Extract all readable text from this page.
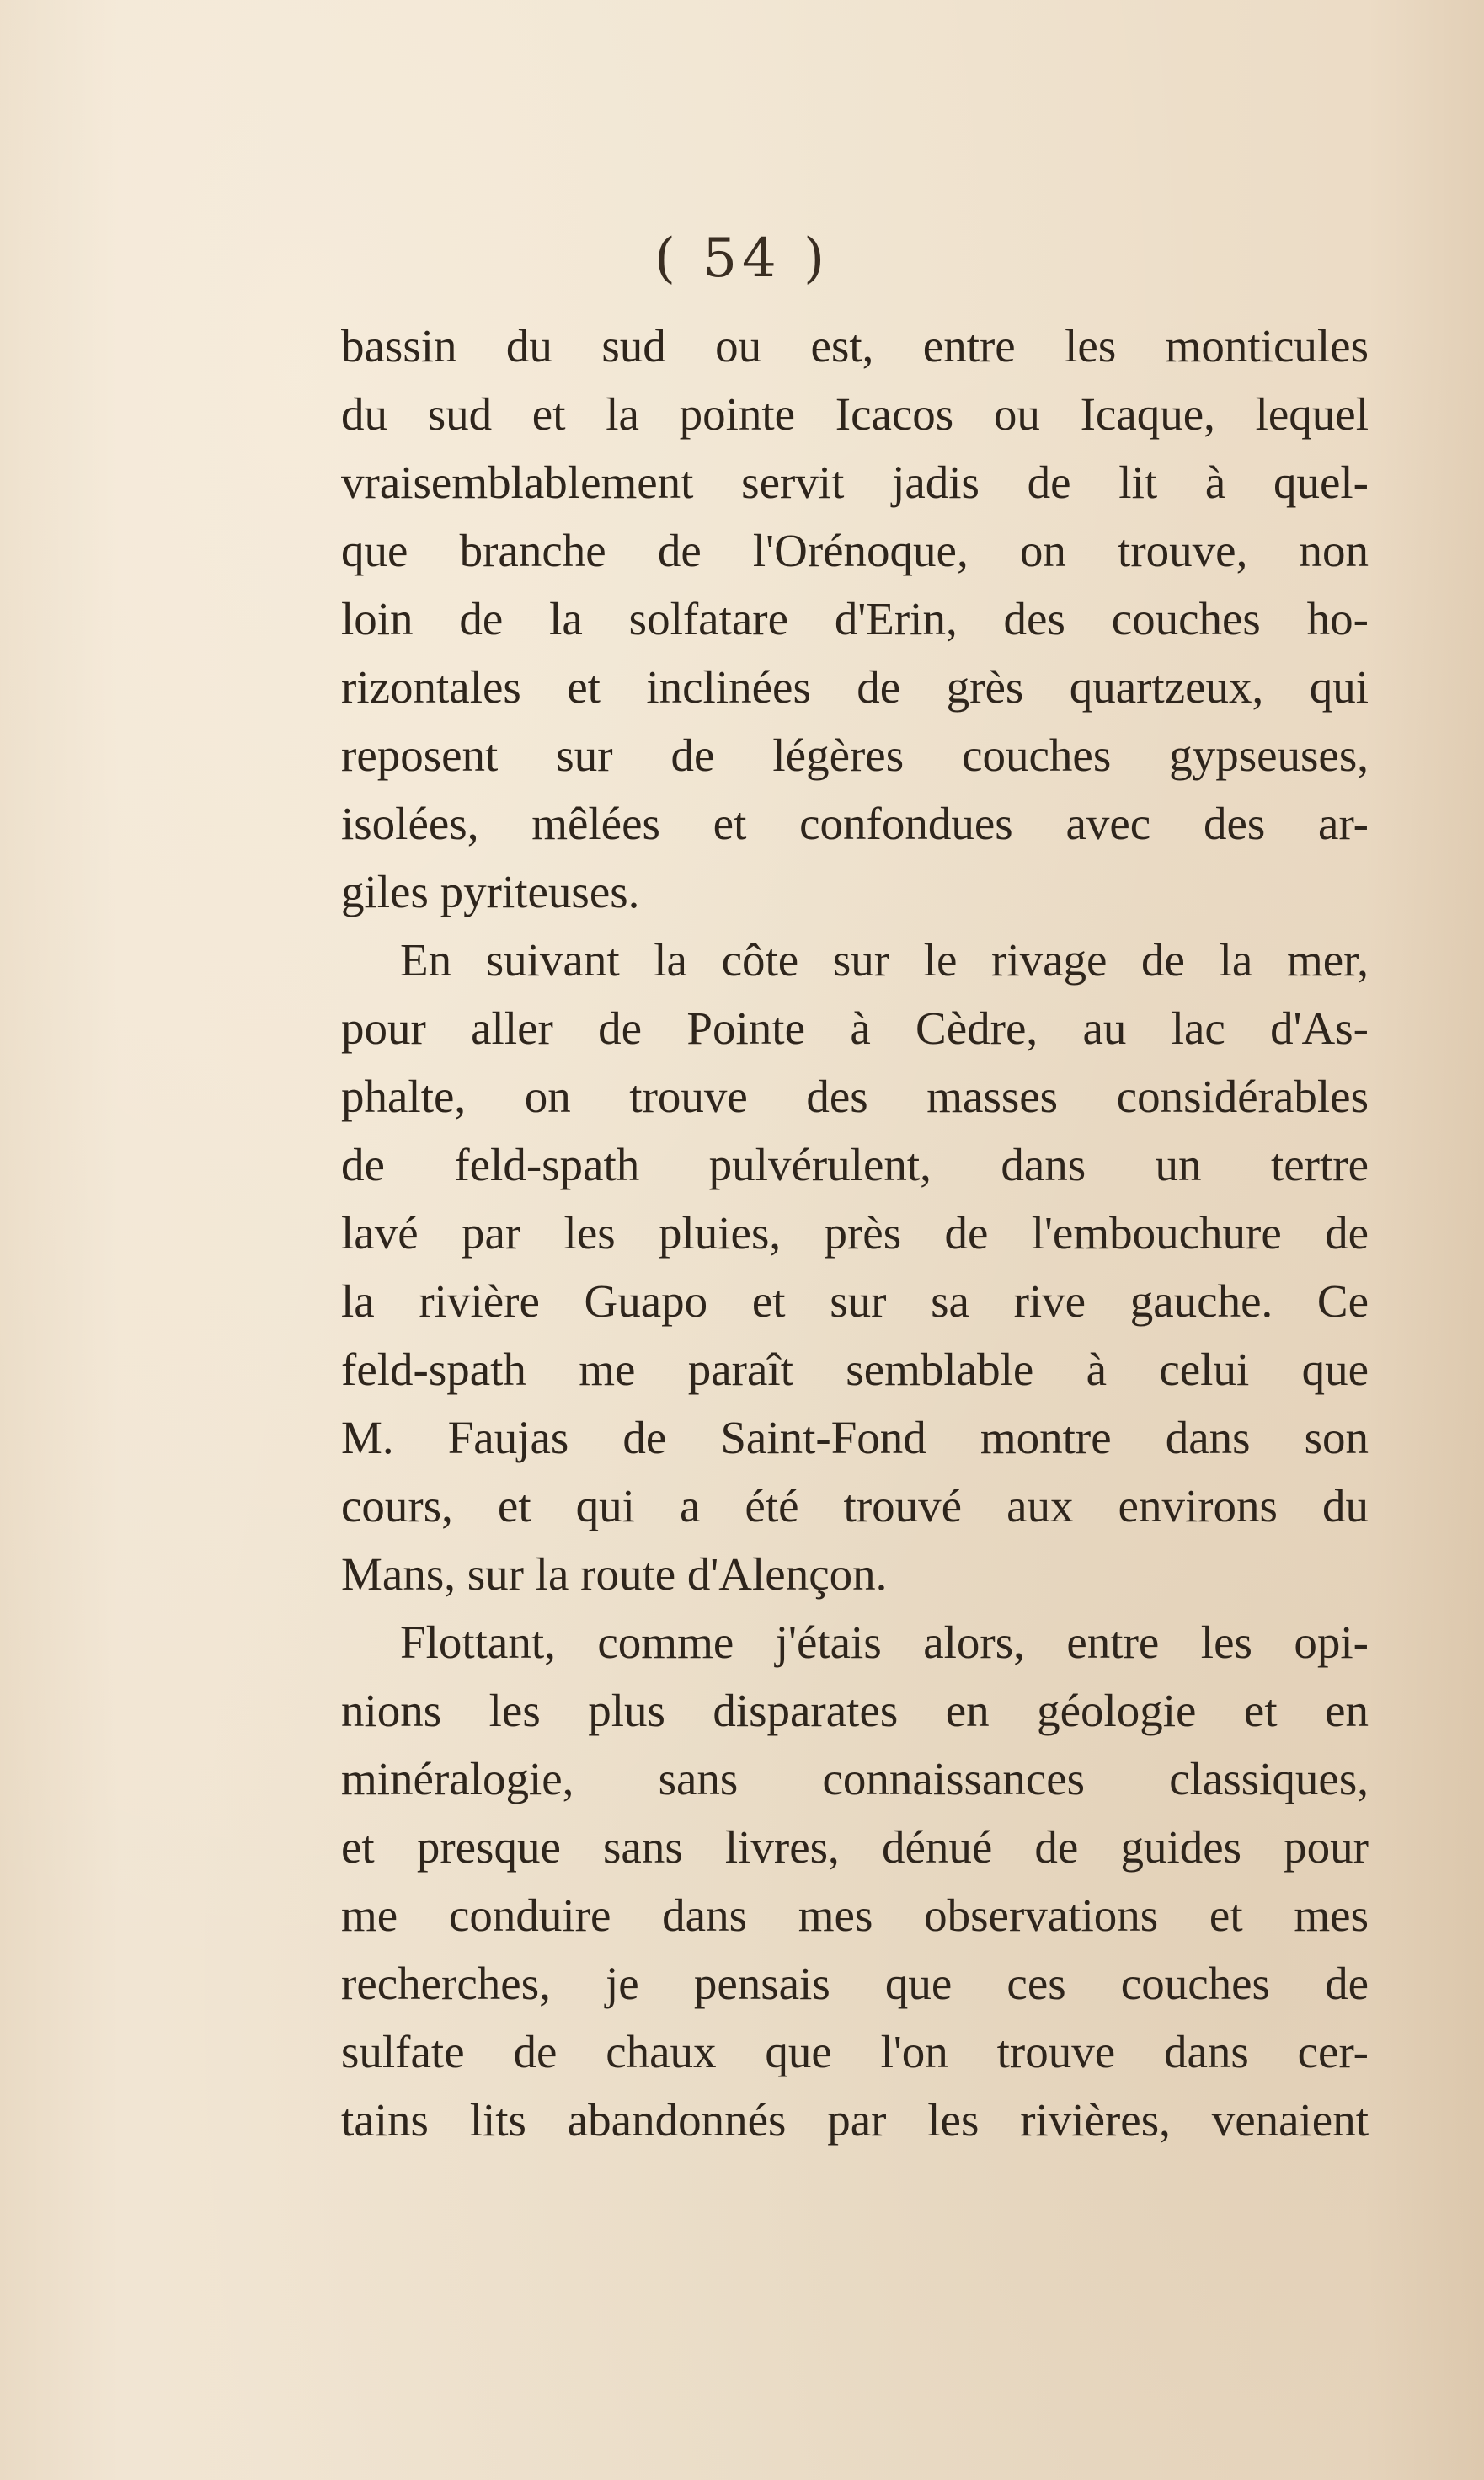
( 54 )
bassin du sud ou est, entre les monticules
du sud et la pointe Icacos ou Icaque, lequel
vraisemblablement servit jadis de lit à quel-
que branche de l'Orénoque, on trouve, non
loin de la solfatare d'Erin, des couches ho-
rizontales et inclinées de grès quartzeux, qui
reposent sur de légères couches gypseuses,
isolées, mêlées et confondues avec des ar-
giles pyriteuses.
En suivant la côte sur le rivage de la mer,
pour aller de Pointe à Cèdre, au lac d'As-
phalte, on trouve des masses considérables
de feld-spath pulvérulent, dans un tertre
lavé par les pluies, près de l'embouchure de
la rivière Guapo et sur sa rive gauche. Ce
feld-spath me paraît semblable à celui que
M. Faujas de Saint-Fond montre dans son
cours, et qui a été trouvé aux environs du
Mans, sur la route d'Alençon.
Flottant, comme j'étais alors, entre les opi-
nions les plus disparates en géologie et en
minéralogie, sans connaissances classiques,
et presque sans livres, dénué de guides pour
me conduire dans mes observations et mes
recherches, je pensais que ces couches de
sulfate de chaux que l'on trouve dans cer-
tains lits abandonnés par les rivières, venaient
